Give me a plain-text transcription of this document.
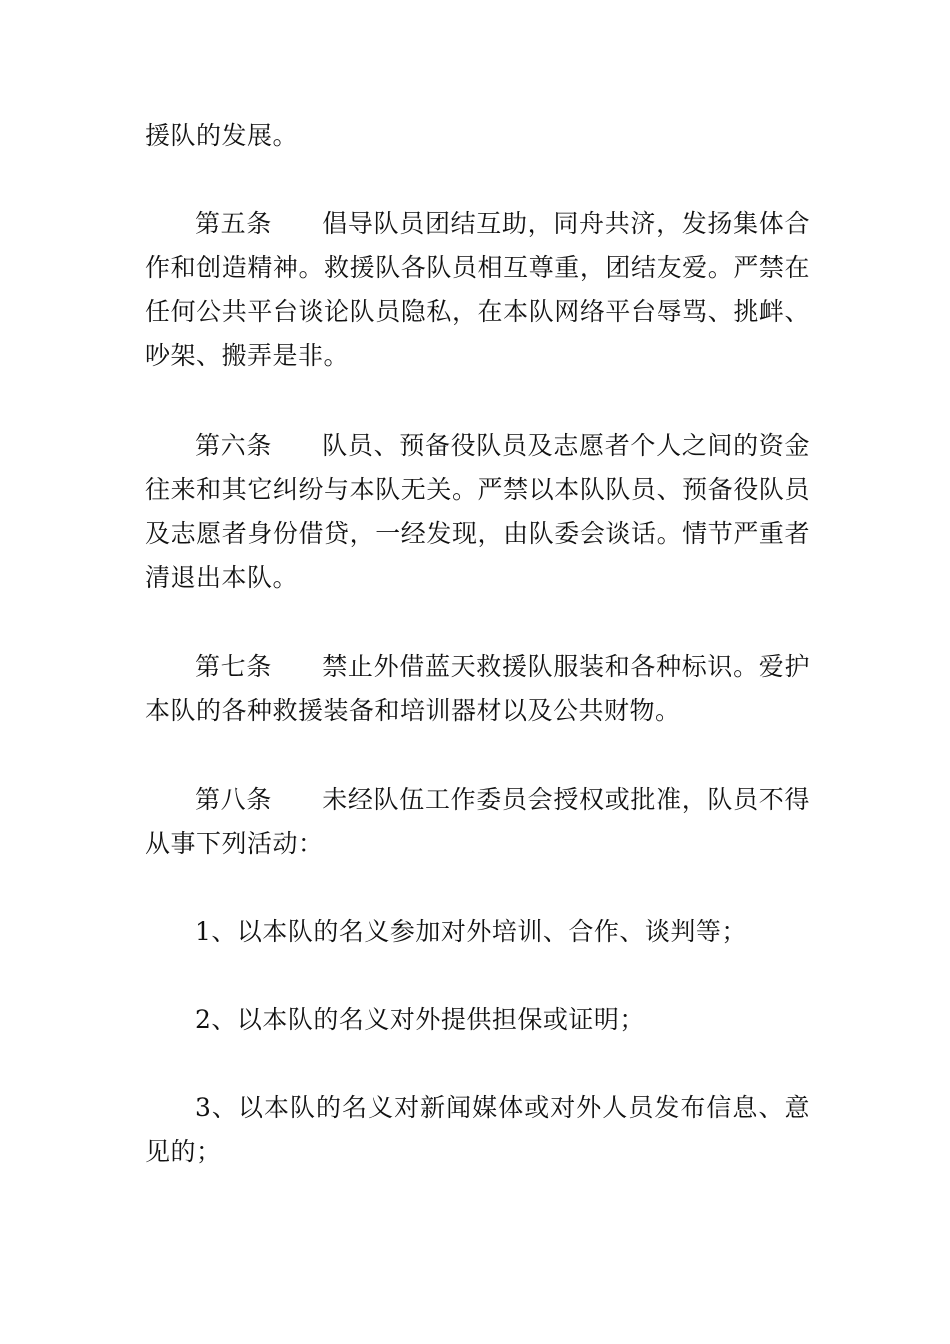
援队的发展。

第五条 倡导队员团结互助，同舟共济，发扬集体合作和创造精神。救援队各队员相互尊重，团结友爱。严禁在任何公共平台谈论队员隐私，在本队网络平台辱骂、挑衅、吵架、搬弄是非。

第六条 队员、预备役队员及志愿者个人之间的资金往来和其它纠纷与本队无关。严禁以本队队员、预备役队员及志愿者身份借贷，一经发现，由队委会谈话。情节严重者清退出本队。

第七条 禁止外借蓝天救援队服装和各种标识。爱护本队的各种救援装备和培训器材以及公共财物。

第八条 未经队伍工作委员会授权或批准，队员不得从事下列活动：

1、以本队的名义参加对外培训、合作、谈判等；

2、以本队的名义对外提供担保或证明；

3、以本队的名义对新闻媒体或对外人员发布信息、意见的；
